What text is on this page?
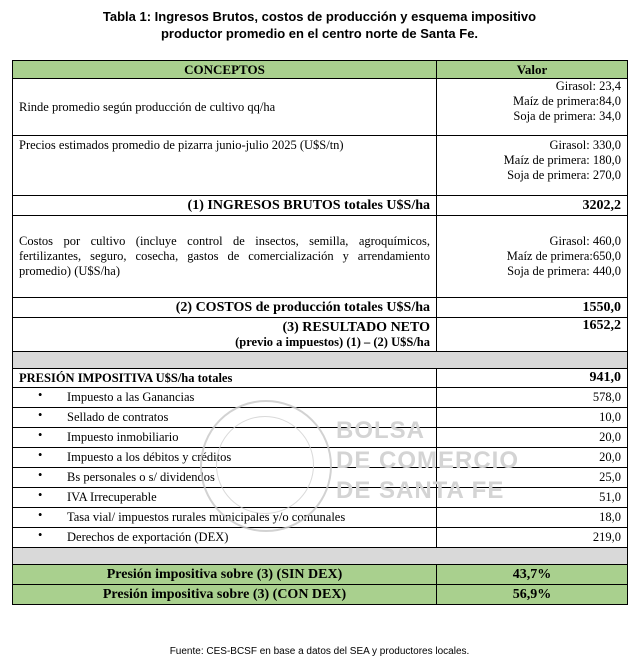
Tabla 1: Ingresos Brutos, costos de producción y esquema impositivo
productor promedio en el centro norte de Santa Fe.
CONCEPTOS	Valor
Rinde promedio según producción de cultivo qq/ha	Girasol: 23,4
Maíz de primera:84,0
Soja de primera: 34,0

Precios estimados promedio de pizarra junio-julio 2025 (U$S/tn)	Girasol: 330,0
Maíz de primera: 180,0
Soja de primera: 270,0

(1) INGRESOS BRUTOS totales U$S/ha	3202,2
Costos por cultivo (incluye control de insectos, semilla, agroquímicos, fertilizantes, seguro, cosecha, gastos de comercialización y arrendamiento promedio) (U$S/ha)	Girasol: 460,0
Maíz de primera:650,0
Soja de primera: 440,0

(2) COSTOS de producción totales U$S/ha	1550,0

(3) RESULTADO NETO
(previo a impuestos) (1) – (2) U$S/ha	1652,2

PRESIÓN IMPOSITIVA U$S/ha totales	941,0

• Impuesto a las Ganancias	578,0

• Sellado de contratos	10,0

• Impuesto inmobiliario	20,0

• Impuesto a los débitos y créditos	20,0

• Bs personales o s/ dividendos	25,0

• IVA Irrecuperable	51,0

• Tasa vial/ impuestos rurales municipales y/o comunales	18,0

• Derechos de exportación (DEX)	219,0

Presión impositiva sobre (3) (SIN DEX)	43,7%
Presión impositiva sobre (3) (CON DEX)	56,9%
BOLSA
DE COMERCIO
DE SANTA FE
Fuente: CES-BCSF en base a datos del SEA y productores locales.
